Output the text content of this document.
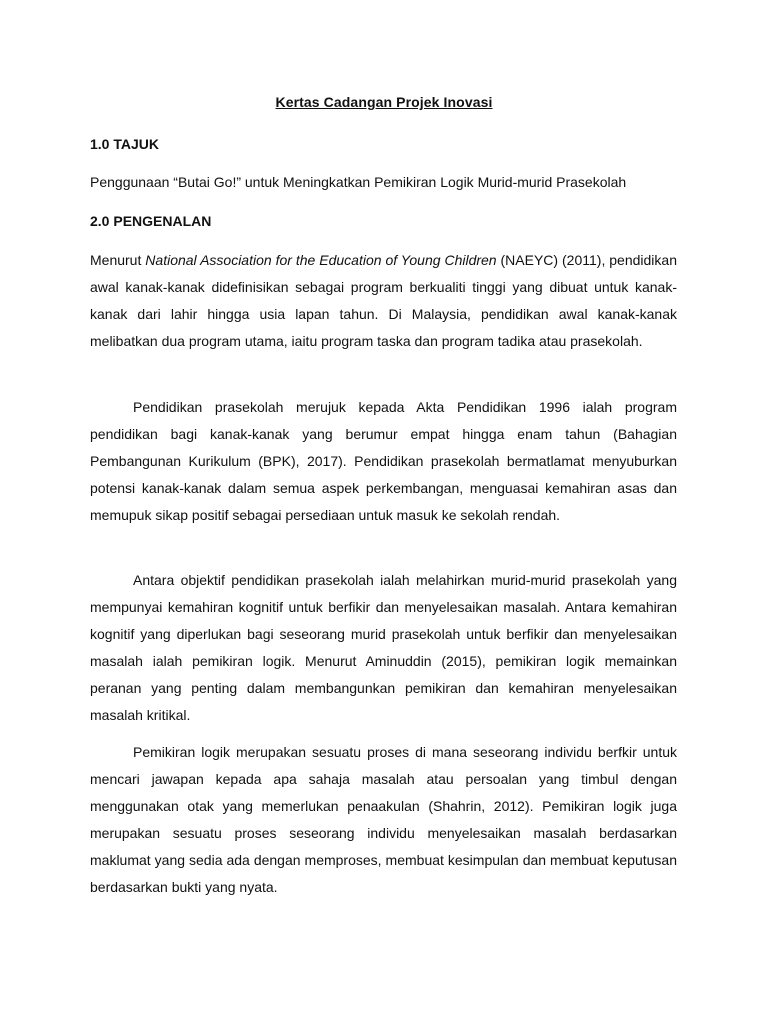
Kertas Cadangan Projek Inovasi
1.0 TAJUK
Penggunaan “Butai Go!” untuk Meningkatkan Pemikiran Logik Murid-murid Prasekolah
2.0 PENGENALAN

Menurut National Association for the Education of Young Children (NAEYC) (2011), pendidikan awal kanak-kanak didefinisikan sebagai program berkualiti tinggi yang dibuat untuk kanak-kanak dari lahir hingga usia lapan tahun. Di Malaysia, pendidikan awal kanak-kanak melibatkan dua program utama, iaitu program taska dan program tadika atau prasekolah.

Pendidikan prasekolah merujuk kepada Akta Pendidikan 1996 ialah program pendidikan bagi kanak-kanak yang berumur empat hingga enam tahun (Bahagian Pembangunan Kurikulum (BPK), 2017). Pendidikan prasekolah bermatlamat menyuburkan potensi kanak-kanak dalam semua aspek perkembangan, menguasai kemahiran asas dan memupuk sikap positif sebagai persediaan untuk masuk ke sekolah rendah.

Antara objektif pendidikan prasekolah ialah melahirkan murid-murid prasekolah yang mempunyai kemahiran kognitif untuk berfikir dan menyelesaikan masalah. Antara kemahiran kognitif yang diperlukan bagi seseorang murid prasekolah untuk berfikir dan menyelesaikan masalah ialah pemikiran logik. Menurut Aminuddin (2015), pemikiran logik memainkan peranan yang penting dalam membangunkan pemikiran dan kemahiran menyelesaikan masalah kritikal.

Pemikiran logik merupakan sesuatu proses di mana seseorang individu berfkir untuk mencari jawapan kepada apa sahaja masalah atau persoalan yang timbul dengan menggunakan otak yang memerlukan penaakulan (Shahrin, 2012). Pemikiran logik juga merupakan sesuatu proses seseorang individu menyelesaikan masalah berdasarkan maklumat yang sedia ada dengan memproses, membuat kesimpulan dan membuat keputusan berdasarkan bukti yang nyata.
